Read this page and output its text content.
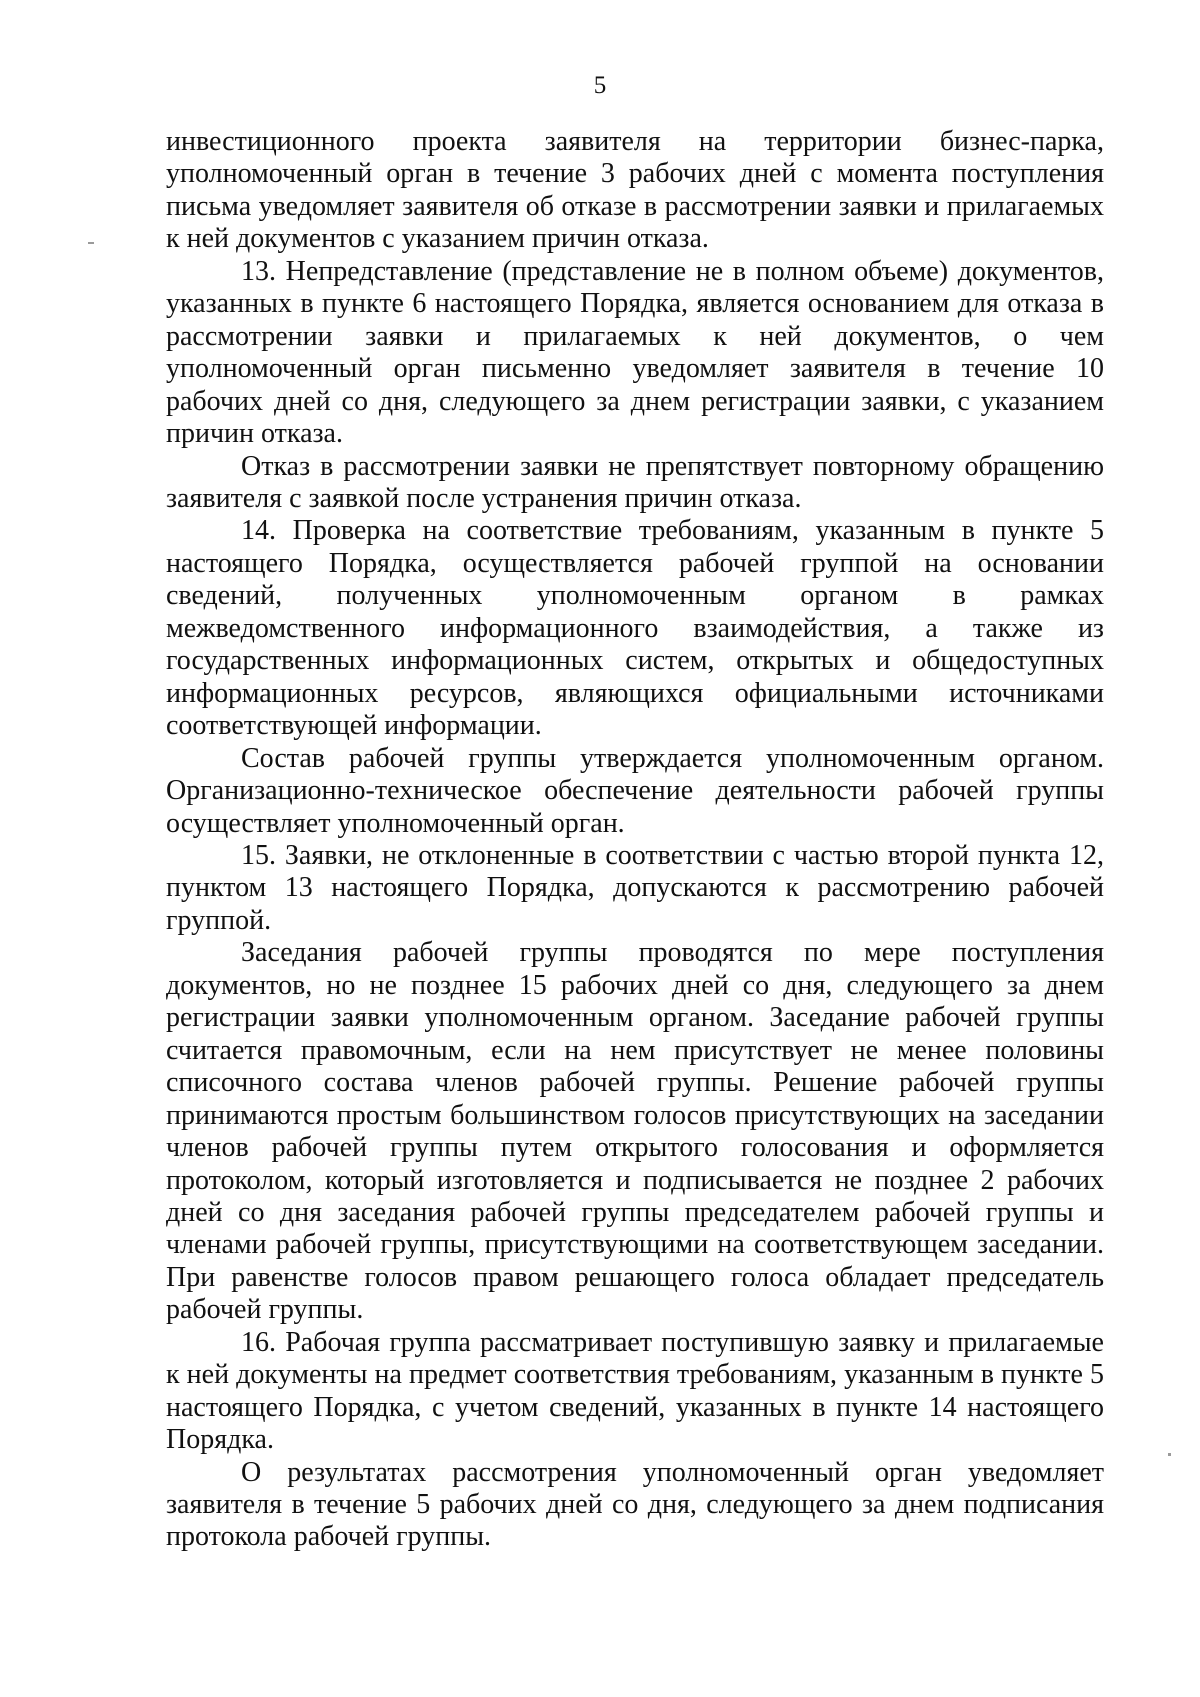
5

инвестиционного проекта заявителя на территории бизнес-парка, уполномоченный орган в течение 3 рабочих дней с момента поступления письма уведомляет заявителя об отказе в рассмотрении заявки и прилагаемых к ней документов с указанием причин отказа.

13. Непредставление (представление не в полном объеме) документов, указанных в пункте 6 настоящего Порядка, является основанием для отказа в рассмотрении заявки и прилагаемых к ней документов, о чем уполномоченный орган письменно уведомляет заявителя в течение 10 рабочих дней со дня, следующего за днем регистрации заявки, с указанием причин отказа.

Отказ в рассмотрении заявки не препятствует повторному обращению заявителя с заявкой после устранения причин отказа.

14. Проверка на соответствие требованиям, указанным в пункте 5 настоящего Порядка, осуществляется рабочей группой на основании сведений, полученных уполномоченным органом в рамках межведомственного информационного взаимодействия, а также из государственных информационных систем, открытых и общедоступных информационных ресурсов, являющихся официальными источниками соответствующей информации.

Состав рабочей группы утверждается уполномоченным органом. Организационно-техническое обеспечение деятельности рабочей группы осуществляет уполномоченный орган.

15. Заявки, не отклоненные в соответствии с частью второй пункта 12, пунктом 13 настоящего Порядка, допускаются к рассмотрению рабочей группой.

Заседания рабочей группы проводятся по мере поступления документов, но не позднее 15 рабочих дней со дня, следующего за днем регистрации заявки уполномоченным органом. Заседание рабочей группы считается правомочным, если на нем присутствует не менее половины списочного состава членов рабочей группы. Решение рабочей группы принимаются простым большинством голосов присутствующих на заседании членов рабочей группы путем открытого голосования и оформляется протоколом, который изготовляется и подписывается не позднее 2 рабочих дней со дня заседания рабочей группы председателем рабочей группы и членами рабочей группы, присутствующими на соответствующем заседании. При равенстве голосов правом решающего голоса обладает председатель рабочей группы.

16. Рабочая группа рассматривает поступившую заявку и прилагаемые к ней документы на предмет соответствия требованиям, указанным в пункте 5 настоящего Порядка, с учетом сведений, указанных в пункте 14 настоящего Порядка.

О результатах рассмотрения уполномоченный орган уведомляет заявителя в течение 5 рабочих дней со дня, следующего за днем подписания протокола рабочей группы.
